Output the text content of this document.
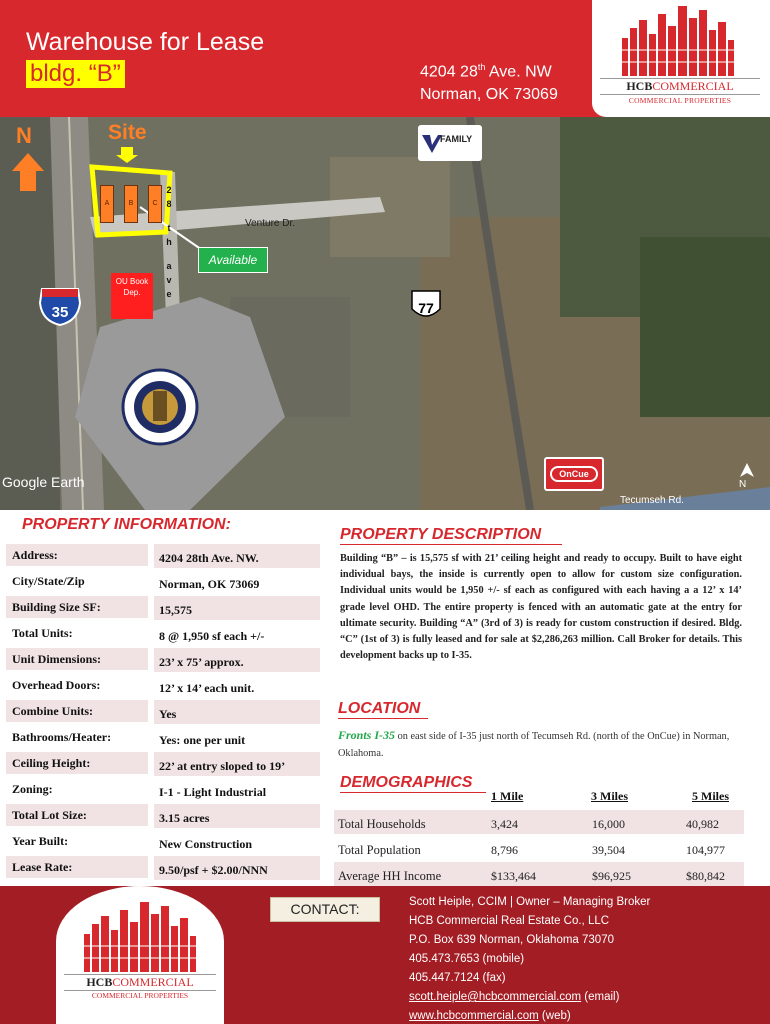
Warehouse for Lease
bldg. “B”	4204 28th Ave. NW
Norman, OK 73069
HCBCOMMERCIAL
COMMERCIAL PROPERTIES
35	77
N	Site
A	B	C
2
8
t
h
a
v
e
Venture Dr.
Available
OU Book Dep.
FAMILY
OnCue
Google Earth
Tecumseh Rd.
N
PROPERTY INFORMATION:
Address:	4204 28th Ave. NW.
City/State/Zip	Norman, OK 73069
Building Size SF:	15,575
Total Units:	8 @ 1,950 sf each +/-
Unit Dimensions:	23’ x 75’ approx.
Overhead Doors:	12’ x 14’ each unit.
Combine Units:	Yes
Bathrooms/Heater:	Yes: one per unit
Ceiling Height:	22’ at entry sloped to 19’
Zoning:	I-1 - Light Industrial
Total Lot Size:	3.15 acres
Year Built:	New Construction
Lease Rate:	9.50/psf + $2.00/NNN
PROPERTY DESCRIPTION
Building “B” – is 15,575 sf with 21’ ceiling height and ready to occupy. Built to have eight individual bays, the inside is currently open to allow for custom size configuration. Individual units would be 1,950 +/- sf each as configured with each having a a 12’ x 14’ grade level OHD. The entire property is fenced with an automatic gate at the entry for ultimate security. Building “A” (3rd of 3) is ready for custom construction if desired. Bldg. “C” (1st of 3) is fully leased and for sale at $2,286,263 million. Call Broker for details. This development backs up to I-35.
LOCATION
Fronts I-35 on east side of I-35 just north of Tecumseh Rd. (north of the OnCue) in Norman, Oklahoma.
DEMOGRAPHICS
1 Mile	3 Miles	5 Miles
Total Households	3,424	16,000	40,982
Total Population	8,796	39,504	104,977
Average HH Income	$133,464	$96,925	$80,842
HCBCOMMERCIAL
COMMERCIAL PROPERTIES
CONTACT:	Scott Heiple, CCIM | Owner – Managing Broker
HCB Commercial Real Estate Co., LLC
P.O. Box 639 Norman, Oklahoma 73070
405.473.7653 (mobile)
405.447.7124 (fax)
scott.heiple@hcbcommercial.com (email)
www.hcbcommercial.com (web)
